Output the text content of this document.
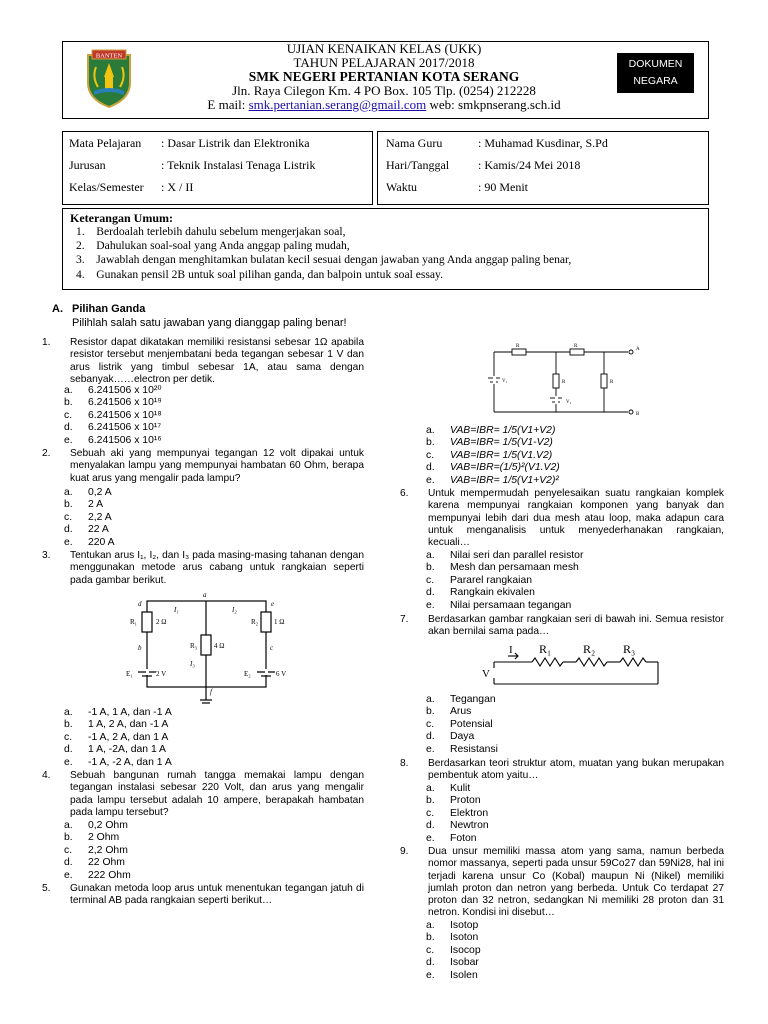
BANTEN	UJIAN KENAIKAN KELAS (UKK)
TAHUN PELAJARAN 2017/2018
SMK NEGERI PERTANIAN KOTA SERANG
Jln. Raya Cilegon Km. 4 PO Box. 105 Tlp. (0254) 212228
E mail: smk.pertanian.serang@gmail.com web: smkpnserang.sch.id
DOKUMEN
NEGARA
Mata Pelajaran : Dasar Listrik dan Elektronika
Jurusan	: Teknik Instalasi Tenaga Listrik
Kelas/Semester : X / II
Nama Guru	: Muhamad Kusdinar, S.Pd
Hari/Tanggal : Kamis/24 Mei 2018
Waktu	: 90 Menit
Keterangan Umum:
1.    Berdoalah terlebih dahulu sebelum mengerjakan soal,
2.    Dahulukan soal-soal yang Anda anggap paling mudah,
3.    Jawablah dengan menghitamkan bulatan kecil sesuai dengan jawaban yang Anda anggap paling benar,
4.    Gunakan pensil 2B untuk soal pilihan ganda, dan balpoin untuk soal essay.
A. Pilihan Ganda
Pilihlah salah satu jawaban yang dianggap paling benar!
1. Resistor dapat dikatakan memiliki resistansi sebesar 1Ω apabila resistor tersebut menjembatani beda tegangan sebesar 1 V dan arus listrik yang timbul sebesar 1A, atau sama dengan sebanyak……electron per detik.
a. 6.241506 x 10²⁰
b. 6.241506 x 10¹⁹
c. 6.241506 x 10¹⁸
d. 6.241506 x 10¹⁷
e. 6.241506 x 10¹⁶
2. Sebuah aki yang mempunyai tegangan 12 volt dipakai untuk menyalakan lampu yang mempunyai hambatan 60 Ohm, berapa kuat arus yang mengalir pada lampu?
a. 0,2 A
b. 2 A
c. 2,2 A
d. 22 A
e. 220 A
3. Tentukan arus I₁, I₂, dan I₃ pada masing-masing tahanan dengan menggunakan metode arus cabang untuk rangkaian seperti pada gambar berikut.
R₁	2 Ω	R₂ 1 Ω
R₃ 4 Ω
I₁	I₂
I₃
E₁	2 V	E₂	6 V
a
b	c
d	e
f
a. -1 A, 1 A, dan -1 A
b. 1 A, 2 A, dan -1 A
c. -1 A, 2 A, dan 1 A
d. 1 A, -2A, dan 1 A
e. -1 A, -2 A, dan 1 A
4. Sebuah bangunan rumah tangga memakai lampu dengan tegangan instalasi sebesar 220 Volt, dan arus yang mengalir pada lampu tersebut adalah 10 ampere, berapakah hambatan pada lampu tersebut?
a. 0,2 Ohm
b. 2 Ohm
c. 2,2 Ohm
d. 22 Ohm
e. 222 Ohm
5. Gunakan metoda loop arus untuk menentukan tegangan jatuh di terminal AB pada rangkaian seperti berikut…
R	R
R	R
V₁
V₂
A
B
a. VAB=IBR= 1/5(V1+V2)
b. VAB=IBR= 1/5(V1-V2)
c. VAB=IBR= 1/5(V1.V2)
d. VAB=IBR=(1/5)²(V1.V2)
e. VAB=IBR= 1/5(V1+V2)²
6. Untuk mempermudah penyelesaikan suatu rangkaian komplek karena mempunyai rangkaian komponen yang banyak dan mempunyai lebih dari dua mesh atau loop, maka adapun cara untuk menganalisis untuk menyederhanakan rangkaian, kecuali…
a. Nilai seri dan parallel resistor
b. Mesh dan persamaan mesh
c. Pararel rangkaian
d. Rangkain ekivalen
e. Nilai persamaan tegangan
7. Berdasarkan gambar rangkaian seri di bawah ini. Semua resistor akan bernilai sama pada…
V
I R₁	R₂ R₃
a. Tegangan
b. Arus
c. Potensial
d. Daya
e. Resistansi
8. Berdasarkan teori struktur atom, muatan yang bukan merupakan pembentuk atom yaitu…
a. Kulit
b. Proton
c. Elektron
d. Newtron
e. Foton
9. Dua unsur memiliki massa atom yang sama, namun berbeda nomor massanya, seperti pada unsur 59Co27 dan 59Ni28, hal ini terjadi karena unsur Co (Kobal) maupun Ni (Nikel) memiliki jumlah proton dan netron yang berbeda. Untuk Co terdapat 27 proton dan 32 netron, sedangkan Ni memiliki 28 proton dan 31 netron. Kondisi ini disebut…
a. Isotop
b. Isoton
c. Isocop
d. Isobar
e. Isolen
